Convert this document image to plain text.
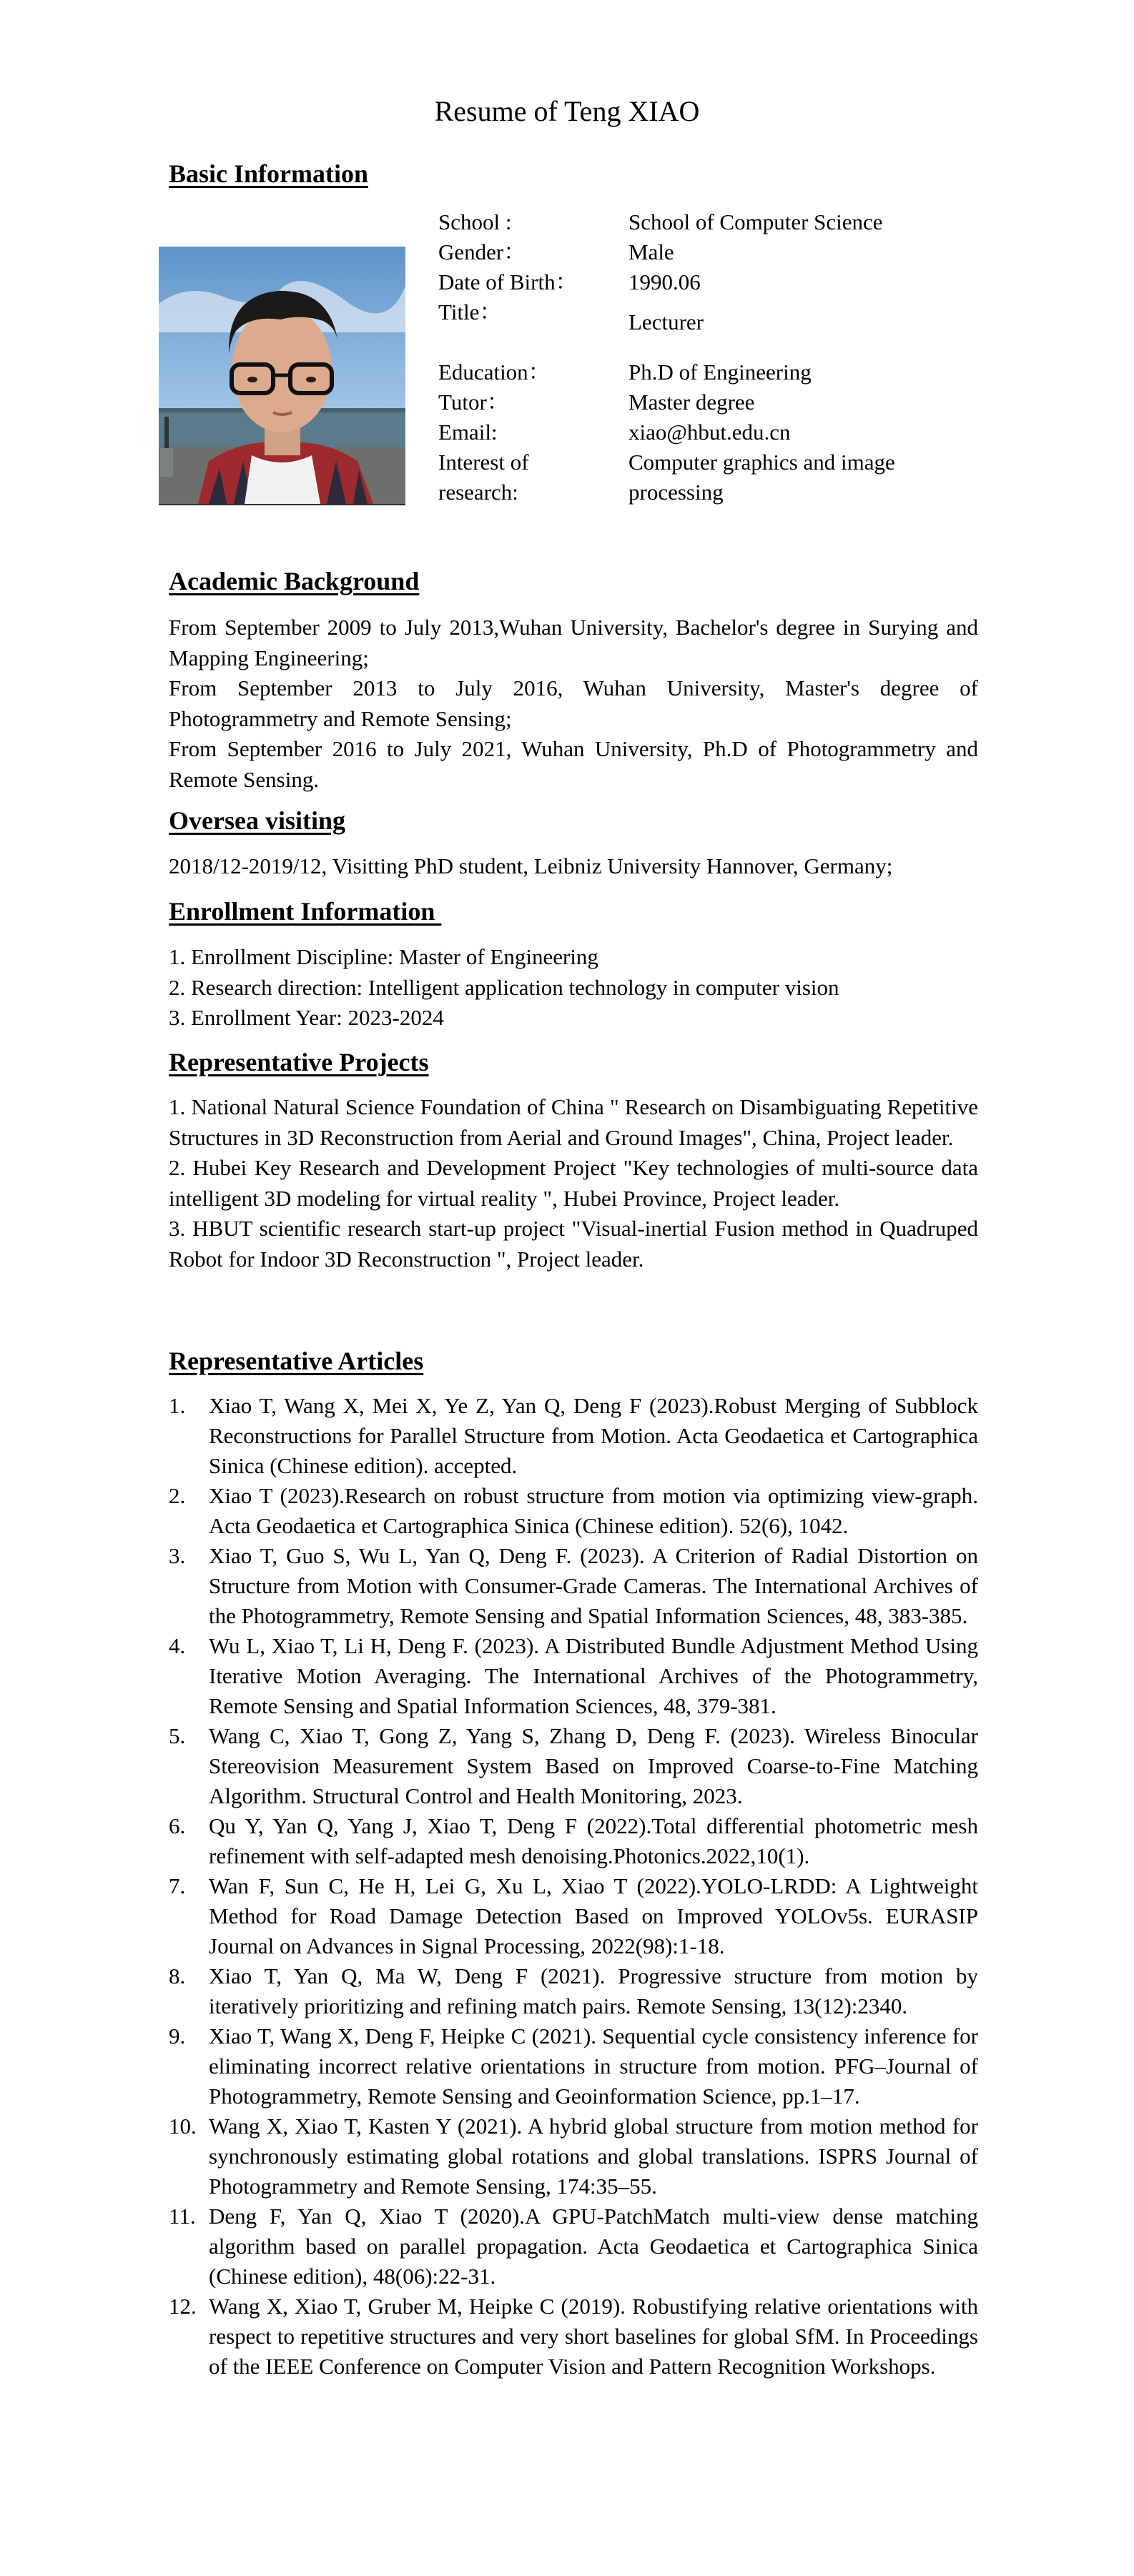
Resume of Teng XIAO
Basic Information
School :	School of Computer Science
Gender：	Male
Date of Birth：	1990.06
Title：	Lecturer
Education：	Ph.D of Engineering
Tutor：	Master degree
Email:	xiao@hbut.edu.cn
Interest of research:
Computer graphics and image processing
Academic Background

From September 2009 to July 2013,Wuhan University, Bachelor's degree in Surying and Mapping Engineering;

From September 2013 to July 2016, Wuhan University, Master's degree of Photogrammetry and Remote Sensing;

From September 2016 to July 2021, Wuhan University, Ph.D of Photogrammetry and Remote Sensing.

Oversea visiting

2018/12-2019/12, Visitting PhD student, Leibniz University Hannover, Germany;

Enrollment Information

1. Enrollment Discipline: Master of Engineering

2. Research direction: Intelligent application technology in computer vision

3. Enrollment Year: 2023-2024

Representative Projects

1. National Natural Science Foundation of China " Research on Disambiguating Repetitive Structures in 3D Reconstruction from Aerial and Ground Images", China, Project leader.

2. Hubei Key Research and Development Project "Key technologies of multi-source data intelligent 3D modeling for virtual reality ", Hubei Province, Project leader.

3. HBUT scientific research start-up project "Visual-inertial Fusion method in Quadruped Robot for Indoor 3D Reconstruction ", Project leader.

Representative Articles
1. Xiao T, Wang X, Mei X, Ye Z, Yan Q, Deng F (2023).Robust Merging of Subblock Reconstructions for Parallel Structure from Motion. Acta Geodaetica et Cartographica Sinica (Chinese edition). accepted.
2. Xiao T (2023).Research on robust structure from motion via optimizing view-graph. Acta Geodaetica et Cartographica Sinica (Chinese edition). 52(6), 1042.
3. Xiao T, Guo S, Wu L, Yan Q, Deng F. (2023). A Criterion of Radial Distortion on Structure from Motion with Consumer-Grade Cameras. The International Archives of the Photogrammetry, Remote Sensing and Spatial Information Sciences, 48, 383-385.
4. Wu L, Xiao T, Li H, Deng F. (2023). A Distributed Bundle Adjustment Method Using Iterative Motion Averaging. The International Archives of the Photogrammetry, Remote Sensing and Spatial Information Sciences, 48, 379-381.
5. Wang C, Xiao T, Gong Z, Yang S, Zhang D, Deng F. (2023). Wireless Binocular Stereovision Measurement System Based on Improved Coarse-to-Fine Matching Algorithm. Structural Control and Health Monitoring, 2023.
6. Qu Y, Yan Q, Yang J, Xiao T, Deng F (2022).Total differential photometric mesh refinement with self-adapted mesh denoising.Photonics.2022,10(1).
7. Wan F, Sun C, He H, Lei G, Xu L, Xiao T (2022).YOLO-LRDD: A Lightweight Method for Road Damage Detection Based on Improved YOLOv5s. EURASIP Journal on Advances in Signal Processing, 2022(98):1-18.
8. Xiao T, Yan Q, Ma W, Deng F (2021). Progressive structure from motion by iteratively prioritizing and refining match pairs. Remote Sensing, 13(12):2340.
9. Xiao T, Wang X, Deng F, Heipke C (2021). Sequential cycle consistency inference for eliminating incorrect relative orientations in structure from motion. PFG–Journal of Photogrammetry, Remote Sensing and Geoinformation Science, pp.1–17.
10. Wang X, Xiao T, Kasten Y (2021). A hybrid global structure from motion method for synchronously estimating global rotations and global translations. ISPRS Journal of Photogrammetry and Remote Sensing, 174:35–55.
11. Deng F, Yan Q, Xiao T (2020).A GPU-PatchMatch multi-view dense matching algorithm based on parallel propagation. Acta Geodaetica et Cartographica Sinica (Chinese edition), 48(06):22-31.
12. Wang X, Xiao T, Gruber M, Heipke C (2019). Robustifying relative orientations with respect to repetitive structures and very short baselines for global SfM. In Proceedings of the IEEE Conference on Computer Vision and Pattern Recognition Workshops.
